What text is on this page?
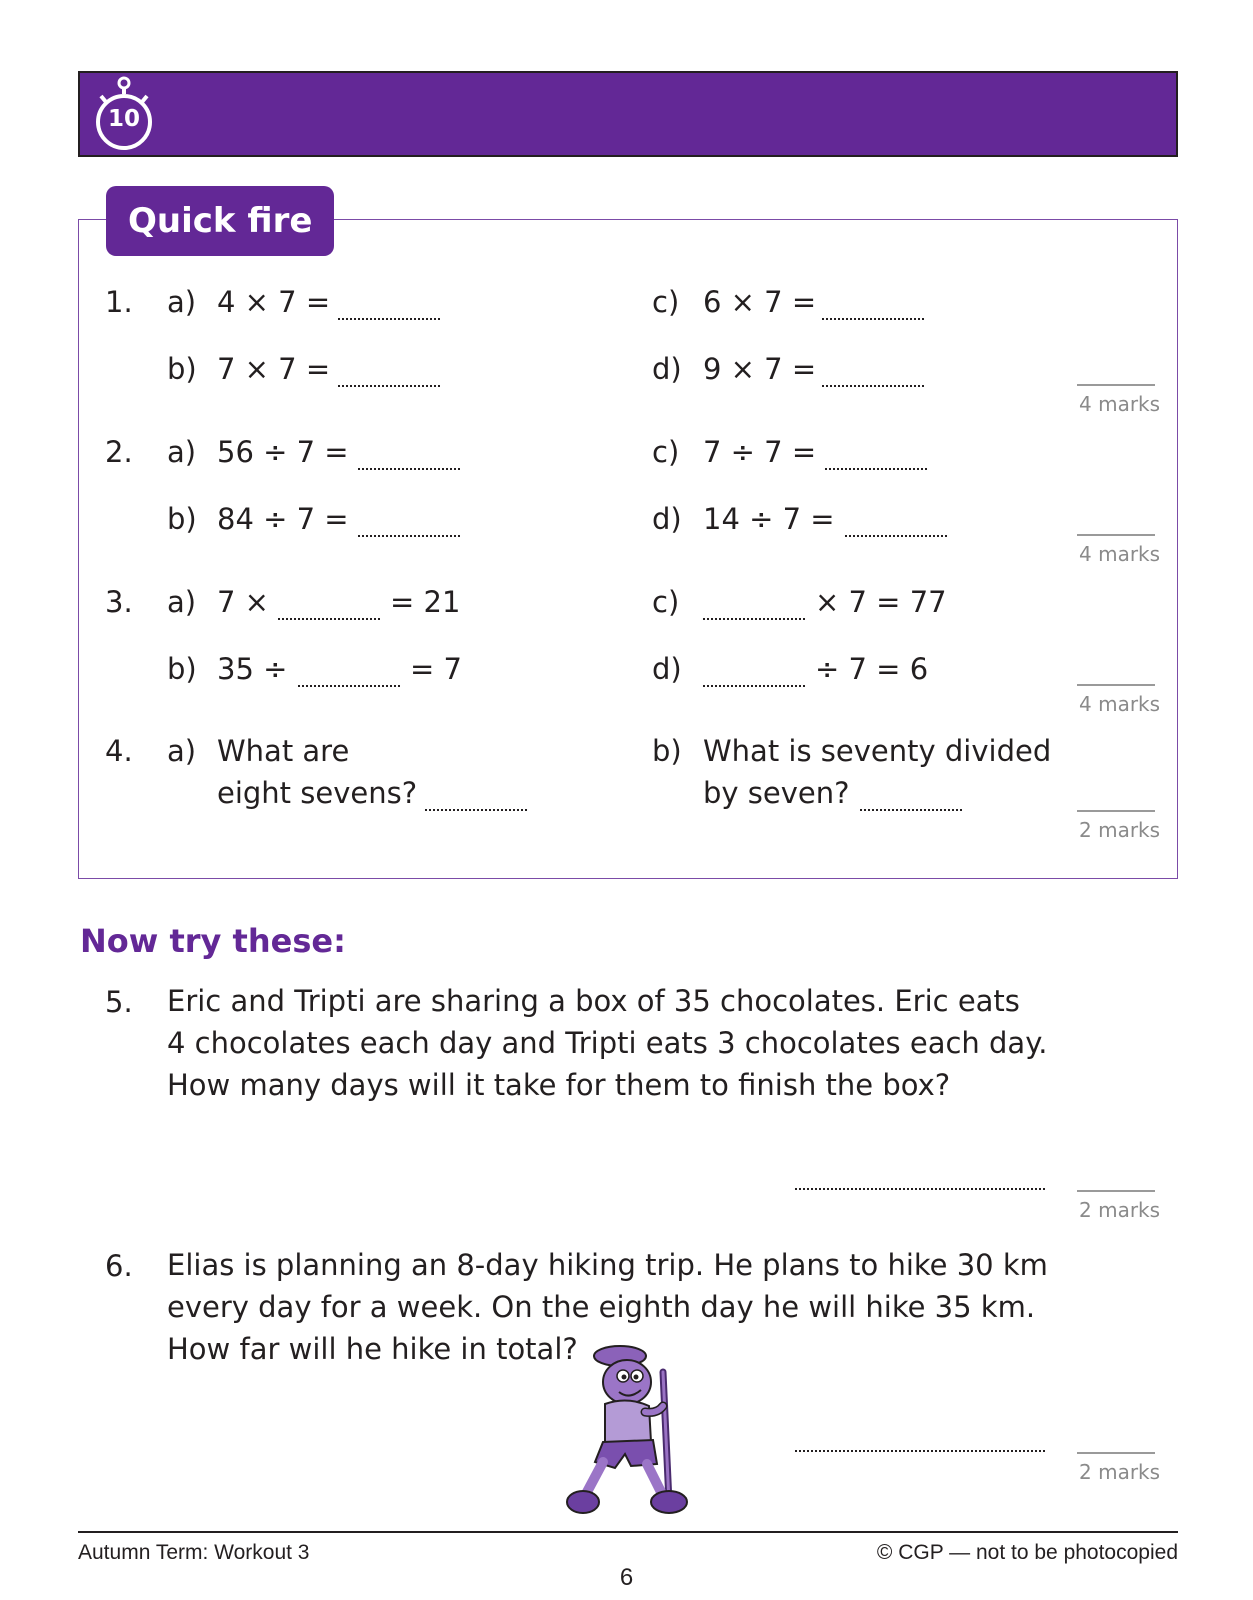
Autumn Term: Workout 3
10
Quick fire
1. a) 4 × 7 =
b) 7 × 7 =
c) 6 × 7 =
d) 9 × 7 =
4 marks
2. a) 56 ÷ 7 =
b) 84 ÷ 7 =
c) 7 ÷ 7 =
d) 14 ÷ 7 =
4 marks
3. a) 7 ×	= 21
b) 35 ÷	= 7
c)	× 7 = 77
d)	÷ 7 = 6
4 marks
4. a) What are
eight sevens?
b) What is seventy divided
by seven?
2 marks
Now try these:
5. Eric and Tripti are sharing a box of 35 chocolates. Eric eats
4 chocolates each day and Tripti eats 3 chocolates each day.
How many days will it take for them to finish the box?
2 marks
6. Elias is planning an 8-day hiking trip. He plans to hike 30 km
every day for a week. On the eighth day he will hike 35 km.
How far will he hike in total?
2 marks
Autumn Term: Workout 3
6
© CGP — not to be photocopied
